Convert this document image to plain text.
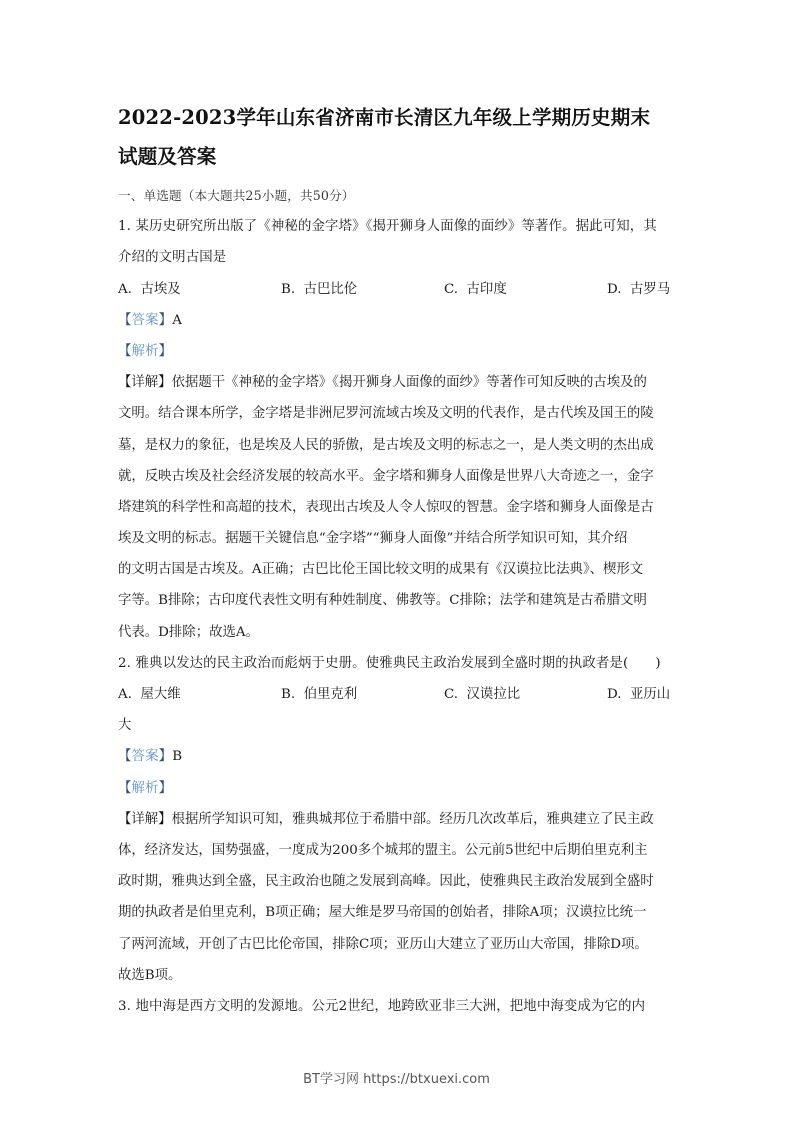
2022-2023学年山东省济南市长清区九年级上学期历史期末
试题及答案
一、单选题（本大题共25小题，共50分）
1. 某历史研究所出版了《神秘的金字塔》《揭开狮身人面像的面纱》等著作。据此可知，其
介绍的文明古国是
A. 古埃及	B. 古巴比伦	C. 古印度	D. 古罗马
【答案】A
【解析】
【详解】依据题干《神秘的金字塔》《揭开狮身人面像的面纱》等著作可知反映的古埃及的
文明。结合课本所学，金字塔是非洲尼罗河流域古埃及文明的代表作，是古代埃及国王的陵
墓，是权力的象征，也是埃及人民的骄傲，是古埃及文明的标志之一，是人类文明的杰出成
就，反映古埃及社会经济发展的较高水平。金字塔和狮身人面像是世界八大奇迹之一，金字
塔建筑的科学性和高超的技术，表现出古埃及人令人惊叹的智慧。金字塔和狮身人面像是古
埃及文明的标志。据题干关键信息“金字塔”“狮身人面像”并结合所学知识可知，其介绍
的文明古国是古埃及。A正确；古巴比伦王国比较文明的成果有《汉谟拉比法典》、楔形文
字等。B排除；古印度代表性文明有种姓制度、佛教等。C排除；法学和建筑是古希腊文明
代表。D排除；故选A。
2. 雅典以发达的民主政治而彪炳于史册。使雅典民主政治发展到全盛时期的执政者是(　　)
A. 屋大维	B. 伯里克利	C. 汉谟拉比	D. 亚历山
大
【答案】B
【解析】
【详解】根据所学知识可知，雅典城邦位于希腊中部。经历几次改革后，雅典建立了民主政
体，经济发达，国势强盛，一度成为200多个城邦的盟主。公元前5世纪中后期伯里克利主
政时期，雅典达到全盛，民主政治也随之发展到高峰。因此，使雅典民主政治发展到全盛时
期的执政者是伯里克利，B项正确；屋大维是罗马帝国的创始者，排除A项；汉谟拉比统一
了两河流域，开创了古巴比伦帝国，排除C项；亚历山大建立了亚历山大帝国，排除D项。
故选B项。
3. 地中海是西方文明的发源地。公元2世纪，地跨欧亚非三大洲，把地中海变成为它的内
BT学习网 https://btxuexi.com
